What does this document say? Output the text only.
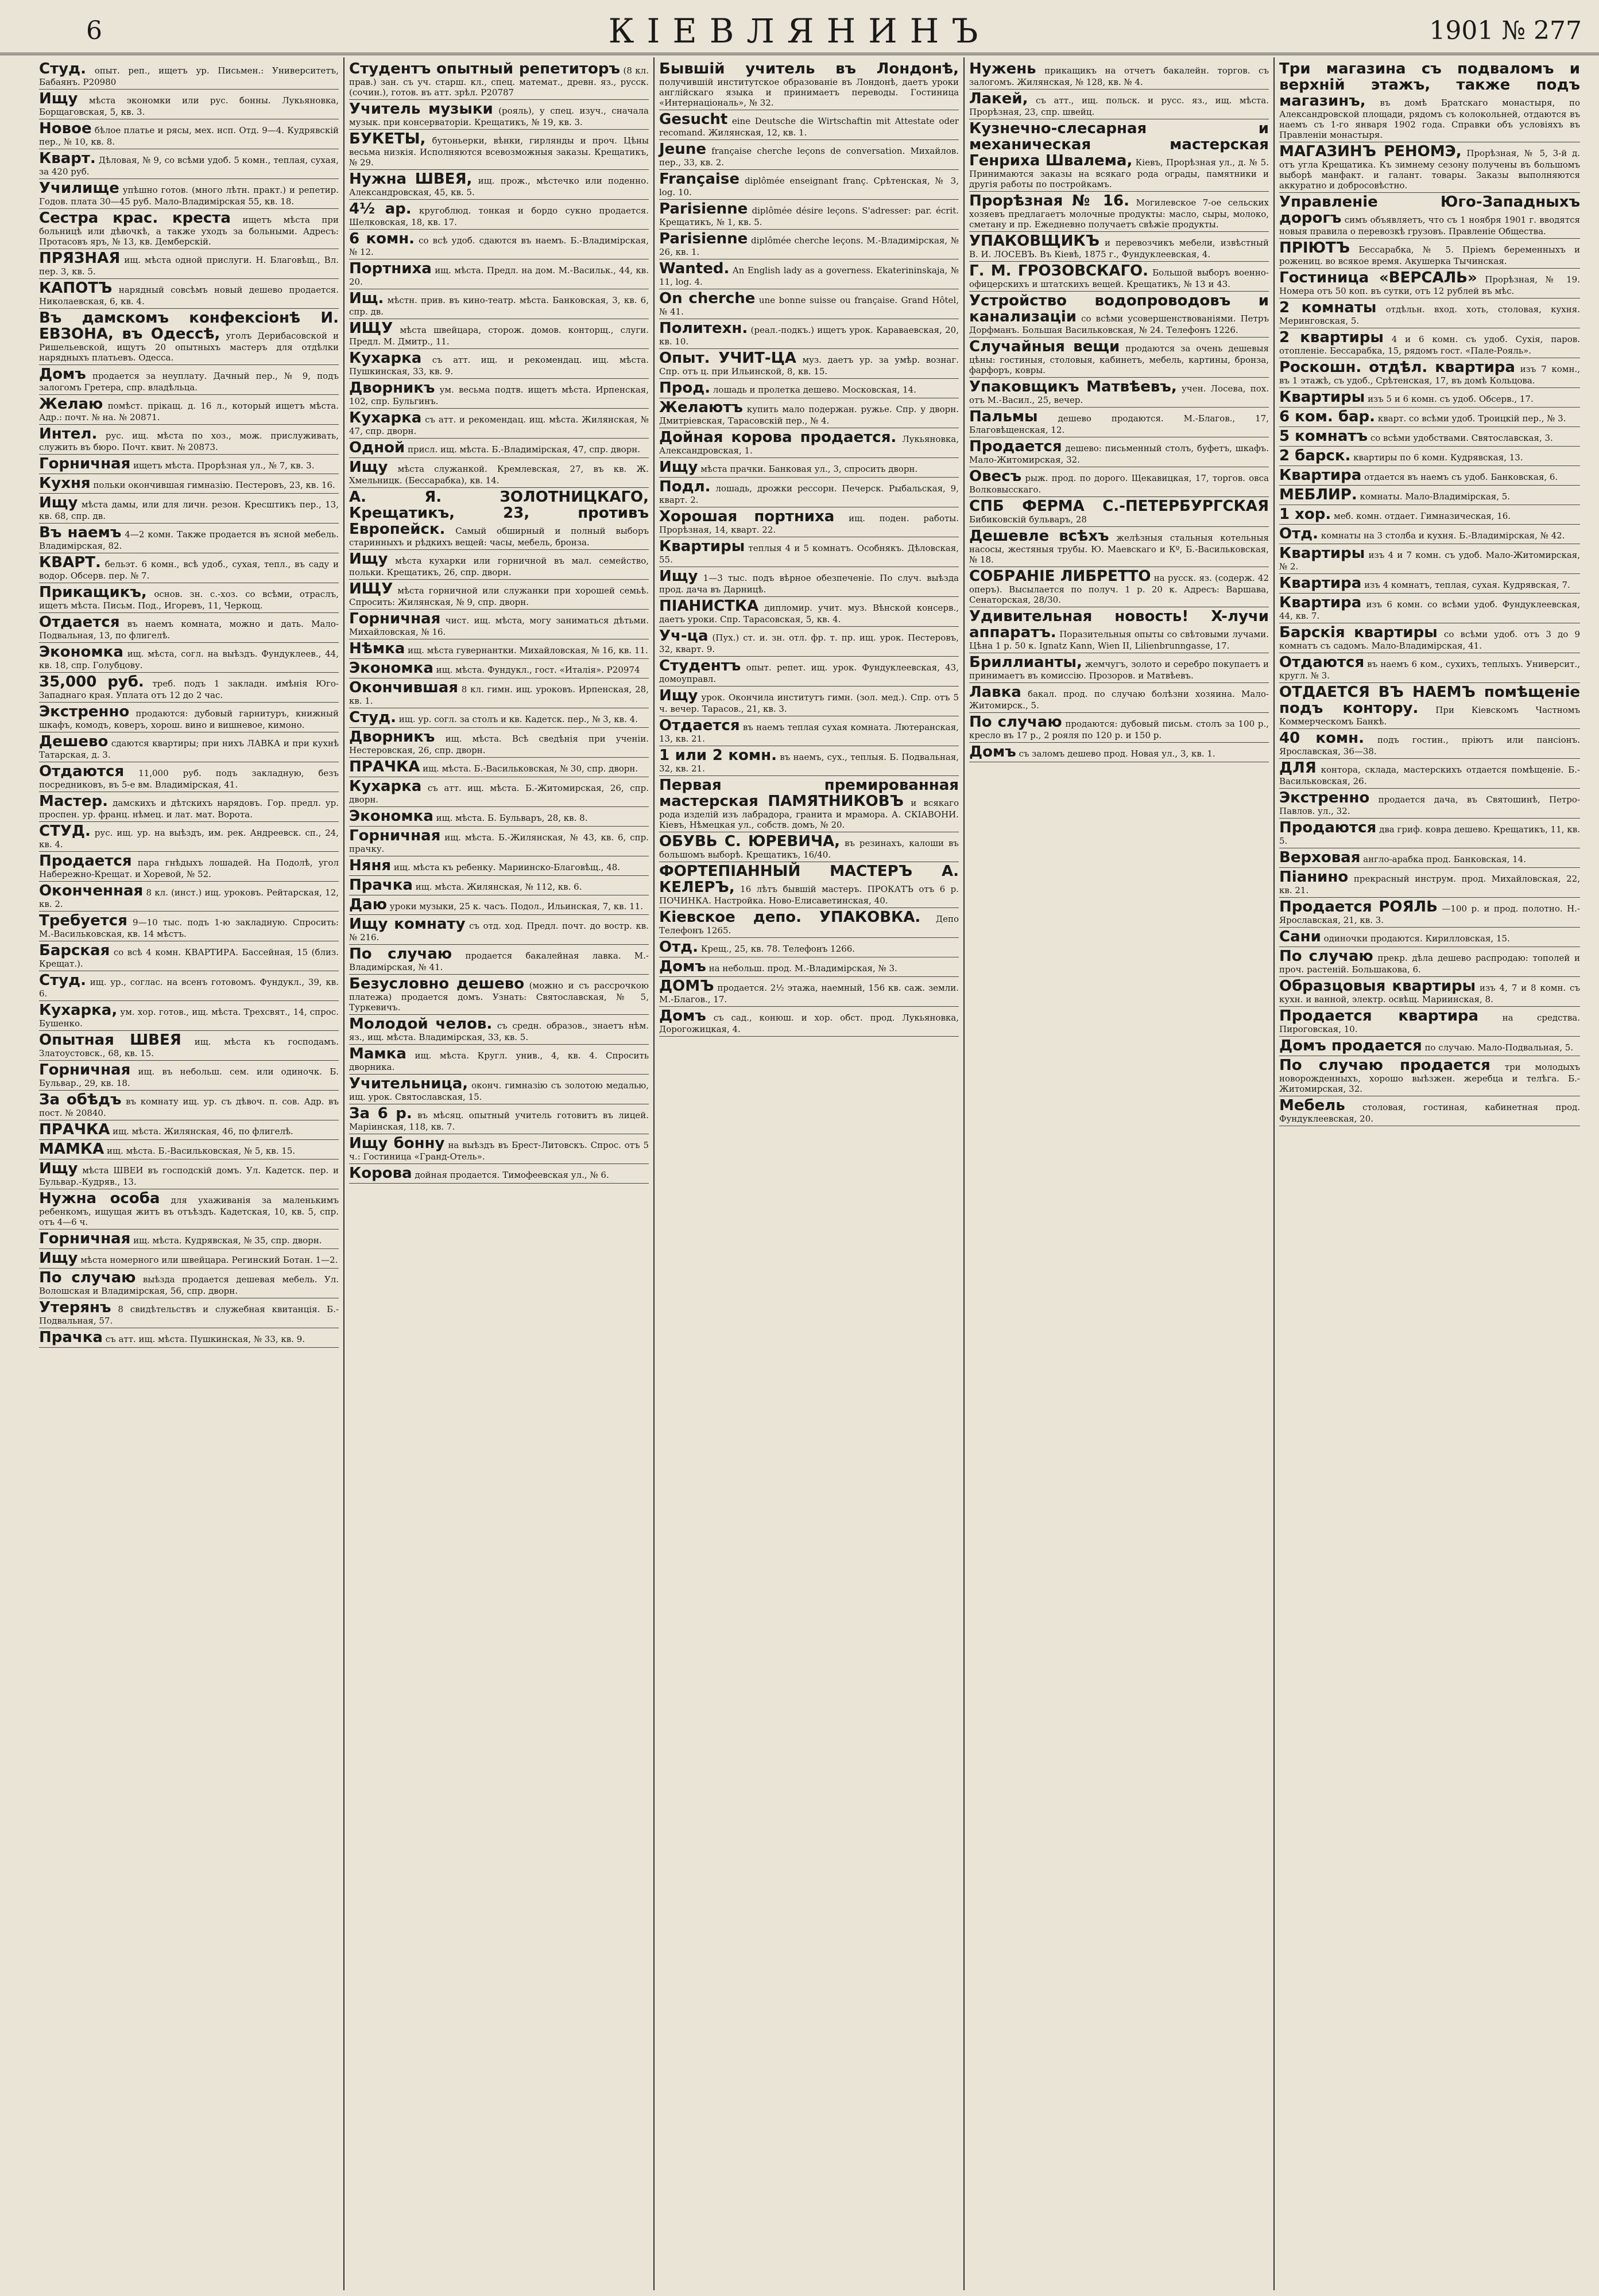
6	КІЕВЛЯНИНЪ	1901 № 277
Студ. опыт. реп., ищетъ ур. Письмен.: Университетъ, Бабаянъ. Р20980
Ищу мѣста экономки или рус. бонны. Лукьяновка, Борщаговская, 5, кв. 3.
Новое бѣлое платье и рясы, мех. нсп. Отд. 9—4. Кудрявскій пер., № 10, кв. 8.
Кварт. Дѣловая, № 9, со всѣми удоб. 5 комн., теплая, сухая, за 420 руб.
Училище упѣшно готов. (много лѣтн. практ.) и репетир. Годов. плата 30—45 руб. Мало-Владимірская 55, кв. 18.
Сестра крас. креста ищетъ мѣста при больницѣ или дѣвочкѣ, а также уходъ за больными. Адресъ: Протасовъ яръ, № 13, кв. Демберскій.
ПРЯЗНАЯ ищ. мѣста одной прислуги. Н. Благовѣщ., Вл. пер. 3, кв. 5.
КАПОТЪ нарядный совсѣмъ новый дешево продается. Николаевская, 6, кв. 4.
Въ дамскомъ конфексіонѣ И. ЕВЗОНА, въ Одессѣ, уголъ Дерибасовской и Ришельевской, ищутъ 20 опытныхъ мастеръ для отдѣлки нарядныхъ платьевъ. Одесса.
Домъ продается за неуплату. Дачный пер., № 9, подъ залогомъ Гретера, спр. владѣльца.
Желаю помѣст. прікащ. д. 16 л., который ищетъ мѣста. Адр.: почт. № на. № 20871.
Интел. рус. ищ. мѣста по хоз., мож. прислуживать, служить въ бюро. Почт. квит. № 20873.
Горничная ищетъ мѣста. Прорѣзная ул., № 7, кв. 3.
Кухня польки окончившая гимназію. Пестеровъ, 23, кв. 16.
Ищу мѣста дамы, или для личн. резон. Кресштикъ пер., 13, кв. 68, спр. дв.
Въ наемъ 4—2 комн. Также продается въ ясной мебель. Владимірская, 82.
КВАРТ. бельэт. 6 комн., всѣ удоб., сухая, тепл., въ саду и водор. Обсерв. пер. № 7.
Прикащикъ, основ. зн. с.-хоз. со всѣми, отраслъ, ищетъ мѣста. Письм. Под., Игоревъ, 11, Черкощ.
Отдается въ наемъ комната, можно и дать. Мало-Подвальная, 13, по флигелѣ.
Экономка ищ. мѣста, согл. на выѣздъ. Фундуклеев., 44, кв. 18, спр. Голубцову.
35,000 руб. треб. подъ 1 закладн. имѣнія Юго-Западнаго края. Уплата отъ 12 до 2 час.
Экстренно продаются: дубовый гарнитуръ, книжный шкафъ, комодъ, коверъ, хорош. вино и вишневое, кимоно.
Дешево сдаются квартиры; при нихъ ЛАВКА и при кухнѣ Татарская, д. 3.
Отдаются 11,000 руб. подъ закладную, безъ посредниковъ, въ 5-е вм. Владимірская, 41.
Мастер. дамскихъ и дѣтскихъ нарядовъ. Гор. предл. ур. проспен. ур. франц. нѣмец. и лат. мат. Ворота.
СТУД. рус. ищ. ур. на выѣздъ, им. рек. Андреевск. сп., 24, кв. 4.
Продается пара гнѣдыхъ лошадей. На Подолѣ, угол Набережно-Крещат. и Хоревой, № 52.
Оконченная 8 кл. (инст.) ищ. уроковъ. Рейтарская, 12, кв. 2.
Требуется 9—10 тыс. подъ 1-ю закладную. Спросить: М.-Васильковская, кв. 14 мѣстъ.
Барская со всѣ 4 комн. КВАРТИРА. Бассейная, 15 (близ. Крещат.).
Студ. ищ. ур., соглас. на всенъ готовомъ. Фундукл., 39, кв. 6.
Кухарка, ум. хор. готов., ищ. мѣста. Трехсвят., 14, спрос. Бушенко.
Опытная ШВЕЯ ищ. мѣста къ господамъ. Златоустовск., 68, кв. 15.
Горничная ищ. въ небольш. сем. или одиночк. Б. Бульвар., 29, кв. 18.
За обѣдъ въ комнату ищ. ур. съ дѣвоч. п. сов. Адр. въ пост. № 20840.
ПРАЧКА ищ. мѣста. Жилянская, 46, по флигелѣ.
МАМКА ищ. мѣста. Б.-Васильковская, № 5, кв. 15.
Ищу мѣста ШВЕИ въ господскій домъ. Ул. Кадетск. пер. и Бульвар.-Кудряв., 13.
Нужна особа для ухаживанія за маленькимъ ребенкомъ, ищущая житъ въ отъѣздъ. Кадетская, 10, кв. 5, спр. отъ 4—6 ч.
Горничная ищ. мѣста. Кудрявская, № 35, спр. дворн.
Ищу мѣста номерного или швейцара. Регинский Ботан. 1—2.
По случаю выѣзда продается дешевая мебель. Ул. Волошская и Владимірская, 56, спр. дворн.
Утерянъ 8 свидѣтельствъ и служебная квитанція. Б.-Подвальная, 57.
Прачка съ атт. ищ. мѣста. Пушкинская, № 33, кв. 9.
Студентъ опытный репетиторъ (8 кл. прав.) зан. съ уч. старш. кл., спец. математ., древн. яз., русск. (сочин.), готов. въ атт. зрѣл. Р20787
Учитель музыки (рояль), у спец. изуч., сначала музык. при консерваторіи. Крещатикъ, № 19, кв. 3.
БУКЕТЫ, бутоньерки, вѣнки, гирлянды и проч. Цѣны весьма низкія. Исполняются всевозможныя заказы. Крещатикъ, № 29.
Нужна ШВЕЯ, ищ. прож., мѣстечко или поденно. Александровская, 45, кв. 5.
4½ ар. кругоблюд. тонкая и бордо сукно продается. Шелковская, 18, кв. 17.
6 комн. со всѣ удоб. сдаются въ наемъ. Б.-Владимірская, № 12.
Портниха ищ. мѣста. Предл. на дом. М.-Васильк., 44, кв. 20.
Ищ. мѣстн. прив. въ кино-театр. мѣста. Банковская, 3, кв. 6, спр. дв.
ИЩУ мѣста швейцара, сторож. домов. конторщ., слуги. Предл. М. Дмитр., 11.
Кухарка съ атт. ищ. и рекомендац. ищ. мѣста. Пушкинская, 33, кв. 9.
Дворникъ ум. весьма подтв. ищетъ мѣста. Ирпенская, 102, спр. Бульгинъ.
Кухарка съ атт. и рекомендац. ищ. мѣста. Жилянская, № 47, спр. дворн.
Одной присл. ищ. мѣста. Б.-Владимірская, 47, спр. дворн.
Ищу мѣста служанкой. Кремлевская, 27, въ кв. Ж. Хмельницк. (Бессарабка), кв. 14.
А. Я. ЗОЛОТНИЦКАГО, Крещатикъ, 23, противъ Европейск. Самый обширный и полный выборъ старинныхъ и рѣдкихъ вещей: часы, мебель, бронза.
Ищу мѣста кухарки или горничной въ мал. семейство, польки. Крещатикъ, 26, спр. дворн.
ИЩУ мѣста горничной или служанки при хорошей семьѣ. Спросить: Жилянская, № 9, спр. дворн.
Горничная чист. ищ. мѣста, могу заниматься дѣтьми. Михайловская, № 16.
Нѣмка ищ. мѣста гувернантки. Михайловская, № 16, кв. 11.
Экономка ищ. мѣста. Фундукл., гост. «Италія». Р20974
Окончившая 8 кл. гимн. ищ. уроковъ. Ирпенская, 28, кв. 1.
Студ. ищ. ур. согл. за столъ и кв. Кадетск. пер., № 3, кв. 4.
Дворникъ ищ. мѣста. Всѣ сведѣнія при ученіи. Нестеровская, 26, спр. дворн.
ПРАЧКА ищ. мѣста. Б.-Васильковская, № 30, спр. дворн.
Кухарка съ атт. ищ. мѣста. Б.-Житомирская, 26, спр. дворн.
Экономка ищ. мѣста. Б. Бульваръ, 28, кв. 8.
Горничная ищ. мѣста. Б.-Жилянская, № 43, кв. 6, спр. прачку.
Няня ищ. мѣста къ ребенку. Мариинско-Благовѣщ., 48.
Прачка ищ. мѣста. Жилянская, № 112, кв. 6.
Даю уроки музыки, 25 к. часъ. Подол., Ильинская, 7, кв. 11.
Ищу комнату съ отд. ход. Предл. почт. до востр. кв. № 216.
По случаю продается бакалейная лавка. М.-Владимірская, № 41.
Безусловно дешево (можно и съ рассрочкою платежа) продается домъ. Узнать: Святославская, № 5, Туркевичъ.
Молодой челов. съ средн. образов., знаетъ нѣм. яз., ищ. мѣста. Владимірская, 33, кв. 5.
Мамка ищ. мѣста. Кругл. унив., 4, кв. 4. Спросить дворника.
Учительница, оконч. гимназію съ золотою медалью, ищ. урок. Святославская, 15.
За 6 р. въ мѣсяц. опытный учитель готовитъ въ лицей. Марiинская, 118, кв. 7.
Ищу бонну на выѣздъ въ Брест-Литовскъ. Спрос. отъ 5 ч.: Гостиница «Гранд-Отель».
Корова дойная продается. Тимофеевская ул., № 6.
Бывшій учитель въ Лондонѣ, получившій институтское образованіе въ Лондонѣ, даетъ уроки англійскаго языка и принимаетъ переводы. Гостиница «Интернаціональ», № 32.
Gesucht eine Deutsche die Wirtschaftin mit Attestate oder recomand. Жилянская, 12, кв. 1.
Jeune française cherche leçons de conversation. Михайлов. пер., 33, кв. 2.
Française diplômée enseignant franç. Срѣтенская, № 3, log. 10.
Parisienne diplômée désire leçons. S'adresser: par. écrit. Крещатикъ, № 1, кв. 5.
Parisienne diplômée cherche leçons. М.-Владимірская, № 26, кв. 1.
Wanted. An English lady as a governess. Ekaterininskaja, № 11, log. 4.
On cherche une bonne suisse ou française. Grand Hôtel, № 41.
Политехн. (реал.-подкъ.) ищетъ урок. Караваевская, 20, кв. 10.
Опыт. УЧИТ-ЦА муз. даетъ ур. за умѣр. вознаг. Спр. отъ ц. при Ильинской, 8, кв. 15.
Прод. лошадь и пролетка дешево. Московская, 14.
Желаютъ купить мало подержан. ружье. Спр. у дворн. Дмитріевская, Тарасовскій пер., № 4.
Дойная корова продается. Лукьяновка, Александровская, 1.
Ищу мѣста прачки. Банковая ул., 3, спросить дворн.
Подл. лошадь, дрожки рессорн. Печерск. Рыбальская, 9, кварт. 2.
Хорошая портниха ищ. поден. работы. Прорѣзная, 14, кварт. 22.
Квартиры теплыя 4 и 5 комнатъ. Особнякъ. Дѣловская, 55.
Ищу 1—3 тыс. подъ вѣрное обезпеченіе. По случ. выѣзда прод. дача въ Дарницѣ.
ПІАНИСТКА дипломир. учит. муз. Вѣнской консерв., даетъ уроки. Спр. Тарасовская, 5, кв. 4.
Уч-ца (Пух.) ст. и. зн. отл. фр. т. пр. ищ. урок. Пестеровъ, 32, кварт. 9.
Студентъ опыт. репет. ищ. урок. Фундуклеевская, 43, домоуправл.
Ищу урок. Окончила институтъ гимн. (зол. мед.). Спр. отъ 5 ч. вечер. Тарасов., 21, кв. 3.
Отдается въ наемъ теплая сухая комната. Лютеранская, 13, кв. 21.
1 или 2 комн. въ наемъ, сух., теплыя. Б. Подвальная, 32, кв. 21.
Первая премированная мастерская ПАМЯТНИКОВЪ и всякаго рода изделій изъ лабрадора, гранита и мрамора. А. СКІАВОНИ. Кіевъ, Нѣмецкая ул., собств. домъ, № 20.
ОБУВЬ С. ЮРЕВИЧА, въ резинахъ, калоши въ большомъ выборѣ. Крещатикъ, 16/40.
ФОРТЕПІАННЫЙ МАСТЕРЪ А. КЕЛЕРЪ, 16 лѣтъ бывшій мастеръ. ПРОКАТЪ отъ 6 р. ПОЧИНКА. Настройка. Ново-Елисаветинская, 40.
Кіевское депо. УПАКОВКА. Депо Телефонъ 1265.
Отд. Крещ., 25, кв. 78. Телефонъ 1266.
Домъ на небольш. прод. М.-Владимірская, № 3.
ДОМЪ продается. 2½ этажа, наемный, 156 кв. саж. земли. М.-Благов., 17.
Домъ съ сад., конюш. и хор. обст. прод. Лукьяновка, Дорогожицкая, 4.
Нужень прикащикъ на отчетъ бакалейн. торгов. съ залогомъ. Жилянская, № 128, кв. № 4.
Лакей, съ атт., ищ. польск. и русс. яз., ищ. мѣста. Прорѣзная, 23, спр. швейц.
Кузнечно-слесарная и механическая мастерская Генриха Швалема, Кіевъ, Прорѣзная ул., д. № 5. Принимаются заказы на всякаго рода ограды, памятники и другія работы по постройкамъ.
Прорѣзная № 16. Могилевское 7-ое сельских хозяевъ предлагаетъ молочные продукты: масло, сыры, молоко, сметану и пр. Ежедневно получаетъ свѣжіе продукты.
УПАКОВЩИКЪ и перевозчикъ мебели, извѣстный В. И. ЛОСЕВЪ. Въ Кіевѣ, 1875 г., Фундуклеевская, 4.
Г. М. ГРОЗОВСКАГО. Большой выборъ военно-офицерскихъ и штатскихъ вещей. Крещатикъ, № 13 и 43.
Устройство водопроводовъ и канализаціи со всѣми усовершенствованіями. Петръ Дорфманъ. Большая Васильковская, № 24. Телефонъ 1226.
Случайныя вещи продаются за очень дешевыя цѣны: гостиныя, столовыя, кабинетъ, мебель, картины, бронза, фарфоръ, ковры.
Упаковщикъ Матвѣевъ, учен. Лосева, пох. отъ М.-Васил., 25, вечер.
Пальмы дешево продаются. М.-Благов., 17, Благовѣщенская, 12.
Продается дешево: письменный столъ, буфетъ, шкафъ. Мало-Житомирская, 32.
Овесъ рыж. прод. по дорого. Щекавицкая, 17, торгов. овса Волковысскаго.
СПБ ФЕРМА С.-ПЕТЕРБУРГСКАЯ Бибиковскій бульваръ, 28
Дешевле всѣхъ желѣзныя стальныя котельныя насосы, жестяныя трубы. Ю. Маевскаго и Кº, Б.-Васильковская, № 18.
СОБРАНІЕ ЛИБРЕТТО на русск. яз. (содерж. 42 оперъ). Высылается по получ. 1 р. 20 к. Адресъ: Варшава, Сенаторская, 28/30.
Удивительная новость! X-лучи аппаратъ. Поразительныя опыты со свѣтовыми лучами. Цѣна 1 р. 50 к. Ignatz Kann, Wien II, Lilienbrunngasse, 17.
Бриллианты, жемчугъ, золото и серебро покупаетъ и принимаетъ въ комиссію. Прозоров. и Матвѣевъ.
Лавка бакал. прод. по случаю болѣзни хозяина. Мало-Житомирск., 5.
По случаю продаются: дубовый письм. столъ за 100 р., кресло въ 17 р., 2 рояля по 120 р. и 150 р.
Домъ съ заломъ дешево прод. Новая ул., 3, кв. 1.
Три магазина съ подваломъ и верхній этажъ, также подъ магазинъ, въ домѣ Братскаго монастыря, по Александровской площади, рядомъ съ колокольней, отдаются въ наемъ съ 1-го января 1902 года. Справки объ условіяхъ въ Правленіи монастыря.
МАГАЗИНЪ РЕНОМЭ, Прорѣзная, № 5, 3-й д. отъ угла Крещатика. Къ зимнему сезону получены въ большомъ выборѣ манфакт. и галант. товары. Заказы выполняются аккуратно и добросовѣстно.
Управленіе Юго-Западныхъ дорогъ симъ объявляетъ, что съ 1 ноября 1901 г. вводятся новыя правила о перевозкѣ грузовъ. Правленіе Общества.
ПРІЮТЪ Бессарабка, № 5. Пріемъ беременныхъ и рожениц. во всякое время. Акушерка Тычинская.
Гостиница «ВЕРСАЛЬ» Прорѣзная, № 19. Номера отъ 50 коп. въ сутки, отъ 12 рублей въ мѣс.
2 комнаты отдѣльн. вход. хоть, столовая, кухня. Меринговская, 5.
2 квартиры 4 и 6 комн. съ удоб. Сухія, паров. отопленіе. Бессарабка, 15, рядомъ гост. «Пале-Рояль».
Роскошн. отдѣл. квартира изъ 7 комн., въ 1 этажѣ, съ удоб., Срѣтенская, 17, въ домѣ Кольцова.
Квартиры изъ 5 и 6 комн. съ удоб. Обсерв., 17.
6 ком. бар. кварт. со всѣми удоб. Троицкій пер., № 3.
5 комнатъ со всѣми удобствами. Святославская, 3.
2 барск. квартиры по 6 комн. Кудрявская, 13.
Квартира отдается въ наемъ съ удоб. Банковская, 6.
МЕБЛИР. комнаты. Мало-Владимірская, 5.
1 хор. меб. комн. отдает. Гимназическая, 16.
Отд. комнаты на 3 столба и кухня. Б.-Владимірская, № 42.
Квартиры изъ 4 и 7 комн. съ удоб. Мало-Житомирская, № 2.
Квартира изъ 4 комнатъ, теплая, сухая. Кудрявская, 7.
Квартира изъ 6 комн. со всѣми удоб. Фундуклеевская, 44, кв. 7.
Барскія квартиры со всѣми удоб. отъ 3 до 9 комнатъ съ садомъ. Мало-Владимірская, 41.
Отдаются въ наемъ 6 ком., сухихъ, теплыхъ. Университ., кругл. № 3.
ОТДАЕТСЯ ВЪ НАЕМЪ помѣщеніе подъ контору. При Кіевскомъ Частномъ Коммерческомъ Банкѣ.
40 комн. подъ гостин., пріютъ или пансіонъ. Ярославская, 36—38.
ДЛЯ контора, склада, мастерскихъ отдается помѣщеніе. Б.-Васильковская, 26.
Экстренно продается дача, въ Святошинѣ, Петро-Павлов. ул., 32.
Продаются два гриф. ковра дешево. Крещатикъ, 11, кв. 5.
Верховая англо-арабка прод. Банковская, 14.
Піанино прекрасный инструм. прод. Михайловская, 22, кв. 21.
Продается РОЯЛЬ —100 р. и прод. полотно. Н.-Ярославская, 21, кв. 3.
Сани одиночки продаются. Кирилловская, 15.
По случаю прекр. дѣла дешево распродаю: тополей и проч. растеній. Большакова, 6.
Образцовыя квартиры изъ 4, 7 и 8 комн. съ кухн. и ванной, электр. освѣщ. Мариинская, 8.
Продается квартира	на средства. Пироговская, 10.
Домъ продается по случаю. Мало-Подвальная, 5.
По случаю продается три молодыхъ новорожденныхъ, хорошо выѣзжен. жеребца и телѣга. Б.-Житомирская, 32.
Мебель столовая, гостиная, кабинетная прод. Фундуклеевская, 20.
